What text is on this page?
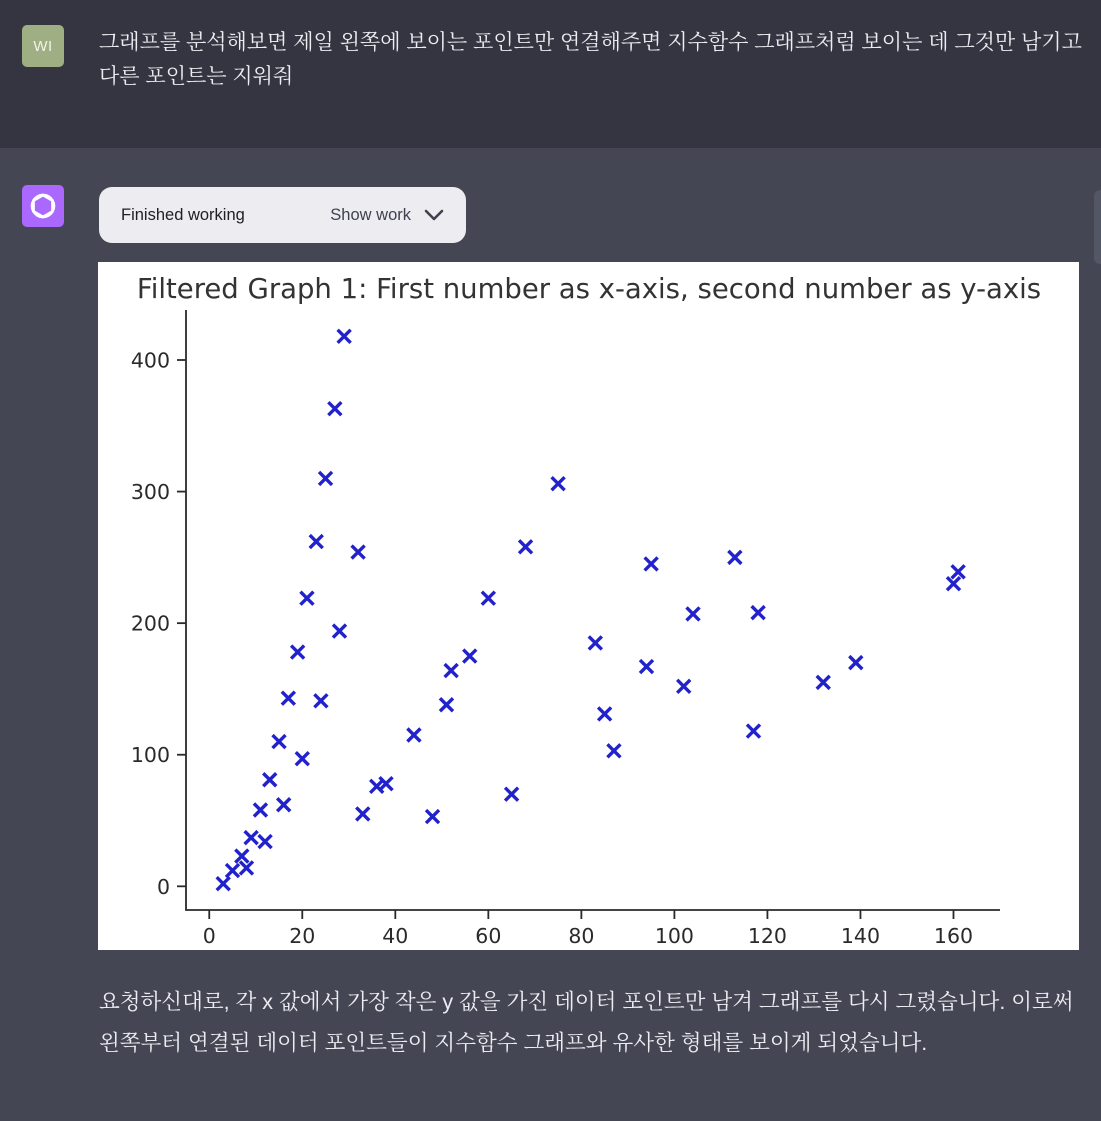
WI 그래프를 분석해보면 제일 왼쪽에 보이는 포인트만 연결해주면 지수함수 그래프처럼 보이는 데 그것만 남기고 다른 포인트는 지워줘
Finished working	Show work
Filtered Graph 1: First number as x-axis, second number as y-axis
0	20	40	60	80	100	120	140	160
0
100
200
300
400

요청하신대로, 각 x 값에서 가장 작은 y 값을 가진 데이터 포인트만 남겨 그래프를 다시 그렸습니다. 이로써 왼쪽부터 연결된 데이터 포인트들이 지수함수 그래프와 유사한 형태를 보이게 되었습니다.
